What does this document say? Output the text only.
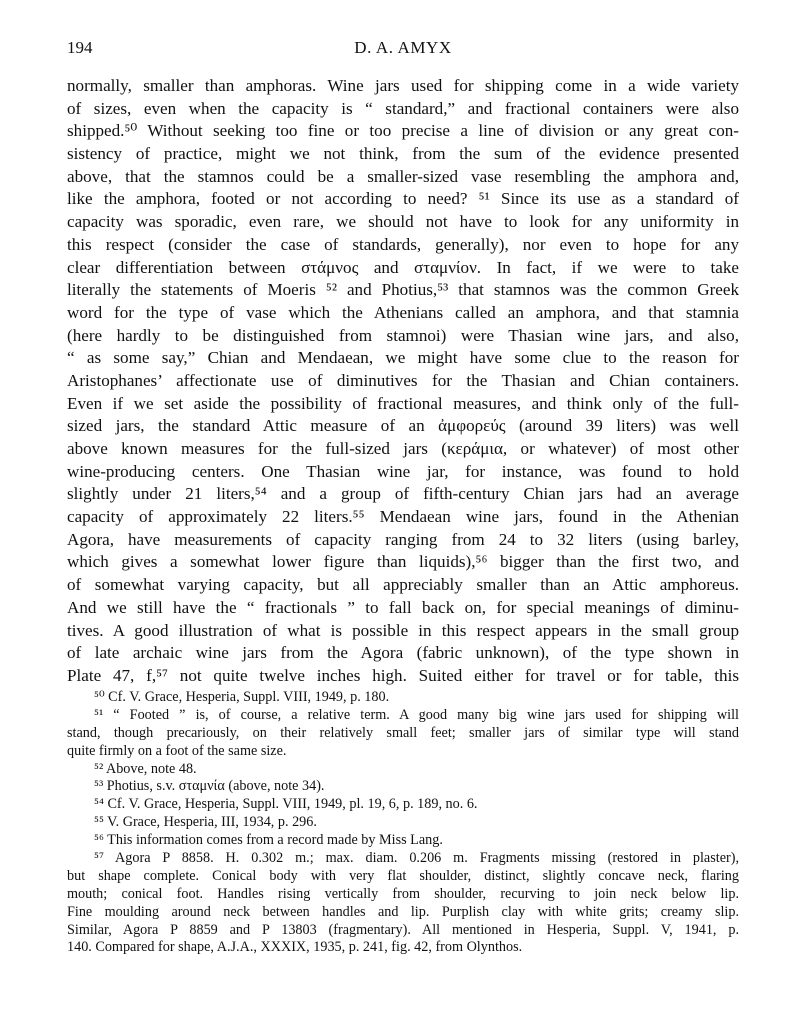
194	D. A. AMYX
normally, smaller than amphoras. Wine jars used for shipping come in a wide variety
of sizes, even when the capacity is “ standard,” and fractional containers were also
shipped.⁵⁰ Without seeking too fine or too precise a line of division or any great con-
sistency of practice, might we not think, from the sum of the evidence presented
above, that the stamnos could be a smaller-sized vase resembling the amphora and,
like the amphora, footed or not according to need? ⁵¹ Since its use as a standard of
capacity was sporadic, even rare, we should not have to look for any uniformity in
this respect (consider the case of standards, generally), nor even to hope for any
clear differentiation between στάμνος and σταμνίον. In fact, if we were to take
literally the statements of Moeris ⁵² and Photius,⁵³ that stamnos was the common Greek
word for the type of vase which the Athenians called an amphora, and that stamnia
(here hardly to be distinguished from stamnoi) were Thasian wine jars, and also,
“ as some say,” Chian and Mendaean, we might have some clue to the reason for
Aristophanes’ affectionate use of diminutives for the Thasian and Chian containers.
Even if we set aside the possibility of fractional measures, and think only of the full-
sized jars, the standard Attic measure of an ἀμφορεύς (around 39 liters) was well
above known measures for the full-sized jars (κεράμια, or whatever) of most other
wine-producing centers. One Thasian wine jar, for instance, was found to hold
slightly under 21 liters,⁵⁴ and a group of fifth-century Chian jars had an average
capacity of approximately 22 liters.⁵⁵ Mendaean wine jars, found in the Athenian
Agora, have measurements of capacity ranging from 24 to 32 liters (using barley,
which gives a somewhat lower figure than liquids),⁵⁶ bigger than the first two, and
of somewhat varying capacity, but all appreciably smaller than an Attic amphoreus.
And we still have the “ fractionals ” to fall back on, for special meanings of diminu-
tives. A good illustration of what is possible in this respect appears in the small group
of late archaic wine jars from the Agora (fabric unknown), of the type shown in
Plate 47, f,⁵⁷ not quite twelve inches high. Suited either for travel or for table, this
⁵⁰ Cf. V. Grace, Hesperia, Suppl. VIII, 1949, p. 180.
⁵¹ “ Footed ” is, of course, a relative term. A good many big wine jars used for shipping will
stand, though precariously, on their relatively small feet; smaller jars of similar type will stand
quite firmly on a foot of the same size.
⁵² Above, note 48.
⁵³ Photius, s.v. σταμνία (above, note 34).
⁵⁴ Cf. V. Grace, Hesperia, Suppl. VIII, 1949, pl. 19, 6, p. 189, no. 6.
⁵⁵ V. Grace, Hesperia, III, 1934, p. 296.
⁵⁶ This information comes from a record made by Miss Lang.
⁵⁷ Agora P 8858. H. 0.302 m.; max. diam. 0.206 m. Fragments missing (restored in plaster),
but shape complete. Conical body with very flat shoulder, distinct, slightly concave neck, flaring
mouth; conical foot. Handles rising vertically from shoulder, recurving to join neck below lip.
Fine moulding around neck between handles and lip. Purplish clay with white grits; creamy slip.
Similar, Agora P 8859 and P 13803 (fragmentary). All mentioned in Hesperia, Suppl. V, 1941, p.
140. Compared for shape, A.J.A., XXXIX, 1935, p. 241, fig. 42, from Olynthos.
